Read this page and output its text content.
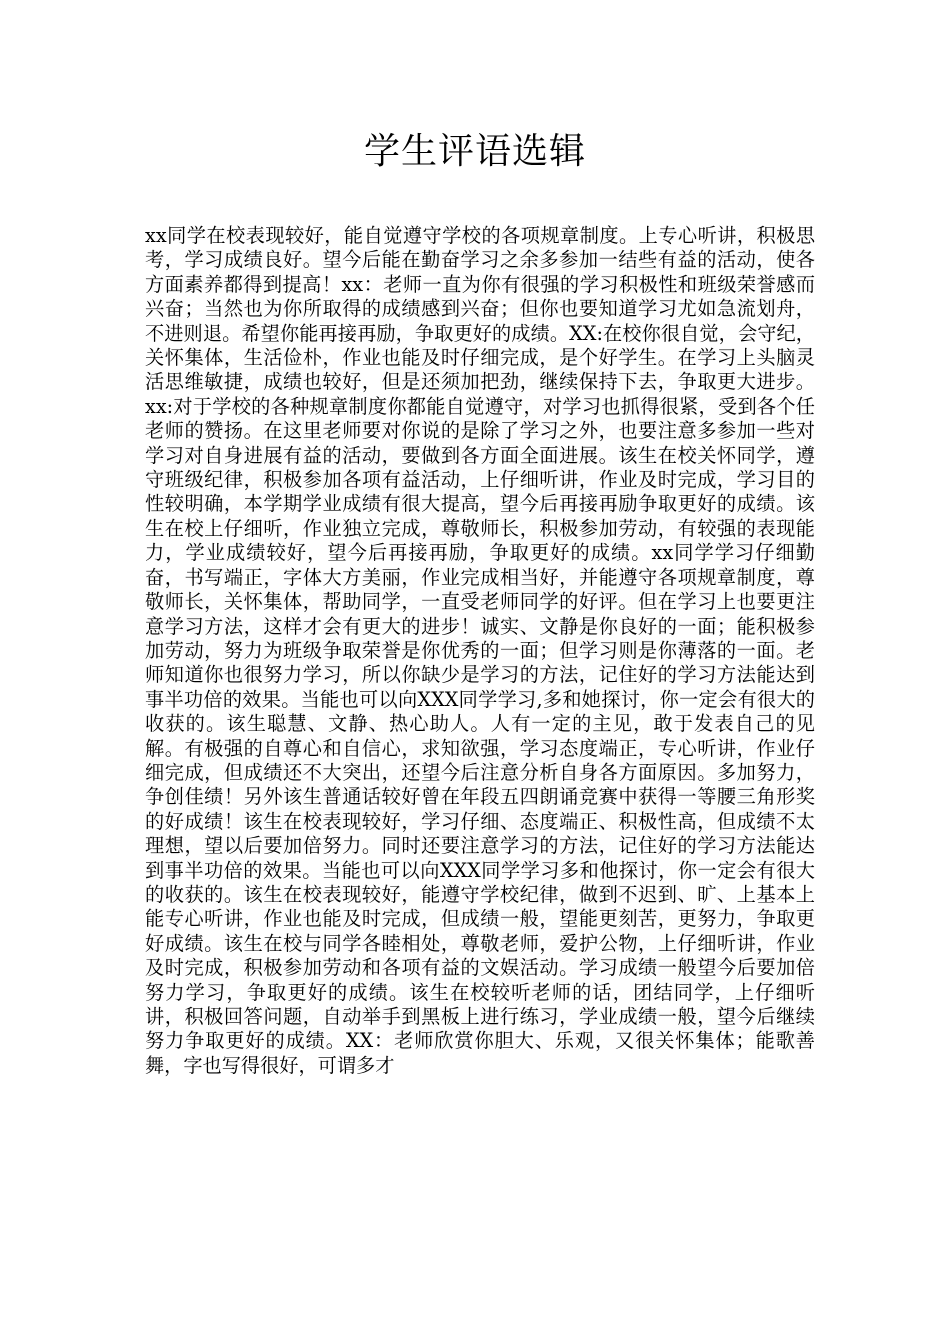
学生评语选辑

xx同学在校表现较好，能自觉遵守学校的各项规章制度。上专心听讲，积极思考，学习成绩良好。望今后能在勤奋学习之余多参加一结些有益的活动，使各方面素养都得到提高！xx：老师一直为你有很强的学习积极性和班级荣誉感而兴奋；当然也为你所取得的成绩感到兴奋；但你也要知道学习尤如急流划舟，不进则退。希望你能再接再励，争取更好的成绩。XX:在校你很自觉，会守纪，关怀集体，生活俭朴，作业也能及时仔细完成，是个好学生。在学习上头脑灵活思维敏捷，成绩也较好，但是还须加把劲，继续保持下去，争取更大进步。xx:对于学校的各种规章制度你都能自觉遵守，对学习也抓得很紧，受到各个任老师的赞扬。在这里老师要对你说的是除了学习之外，也要注意多参加一些对学习对自身进展有益的活动，要做到各方面全面进展。该生在校关怀同学，遵守班级纪律，积极参加各项有益活动，上仔细听讲，作业及时完成，学习目的性较明确，本学期学业成绩有很大提高，望今后再接再励争取更好的成绩。该生在校上仔细听，作业独立完成，尊敬师长，积极参加劳动，有较强的表现能力，学业成绩较好，望今后再接再励，争取更好的成绩。xx同学学习仔细勤奋，书写端正，字体大方美丽，作业完成相当好，并能遵守各项规章制度，尊敬师长，关怀集体，帮助同学，一直受老师同学的好评。但在学习上也要更注意学习方法，这样才会有更大的进步！诚实、文静是你良好的一面；能积极参加劳动，努力为班级争取荣誉是你优秀的一面；但学习则是你薄落的一面。老师知道你也很努力学习，所以你缺少是学习的方法，记住好的学习方法能达到事半功倍的效果。当能也可以向XXX同学学习,多和她探讨，你一定会有很大的收获的。该生聪慧、文静、热心助人。人有一定的主见，敢于发表自己的见解。有极强的自尊心和自信心，求知欲强，学习态度端正，专心听讲，作业仔细完成，但成绩还不大突出，还望今后注意分析自身各方面原因。多加努力，争创佳绩！另外该生普通话较好曾在年段五四朗诵竞赛中获得一等腰三角形奖的好成绩！该生在校表现较好，学习仔细、态度端正、积极性高，但成绩不太理想，望以后要加倍努力。同时还要注意学习的方法，记住好的学习方法能达到事半功倍的效果。当能也可以向XXX同学学习多和他探讨，你一定会有很大的收获的。该生在校表现较好，能遵守学校纪律，做到不迟到、旷、上基本上能专心听讲，作业也能及时完成，但成绩一般，望能更刻苦，更努力，争取更好成绩。该生在校与同学各睦相处，尊敬老师，爱护公物，上仔细听讲，作业及时完成，积极参加劳动和各项有益的文娱活动。学习成绩一般望今后要加倍努力学习，争取更好的成绩。该生在校较听老师的话，团结同学，上仔细听讲，积极回答问题，自动举手到黑板上进行练习，学业成绩一般，望今后继续努力争取更好的成绩。XX：老师欣赏你胆大、乐观，又很关怀集体；能歌善舞，字也写得很好，可谓多才
